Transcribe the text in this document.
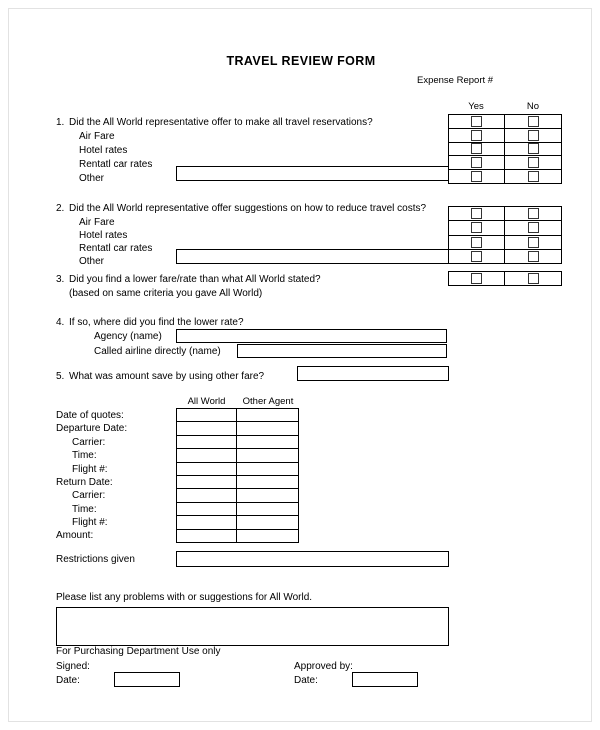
TRAVEL REVIEW FORM
Expense Report #
Yes	No
1. Did the All World representative offer to make all travel reservations?
Air Fare
Hotel rates
Rentatl car rates
Other
2. Did the All World representative offer suggestions on how to reduce travel costs?
Air Fare
Hotel rates
Rentatl car rates
Other
3. Did you find a lower fare/rate than what All World stated?
(based on same criteria you gave All World)
4. If so, where did you find the lower rate?
Agency (name)
Called airline directly (name)
5. What was amount save by using other fare?
All World	Other Agent
Date of quotes:
Departure Date:
Carrier:
Time:
Flight #:
Return Date:
Carrier:
Time:
Flight #:
Amount:
Restrictions given
Please list any problems with or suggestions for All World.
For Purchasing Department Use only
Signed:	Approved by:
Date:	Date:
